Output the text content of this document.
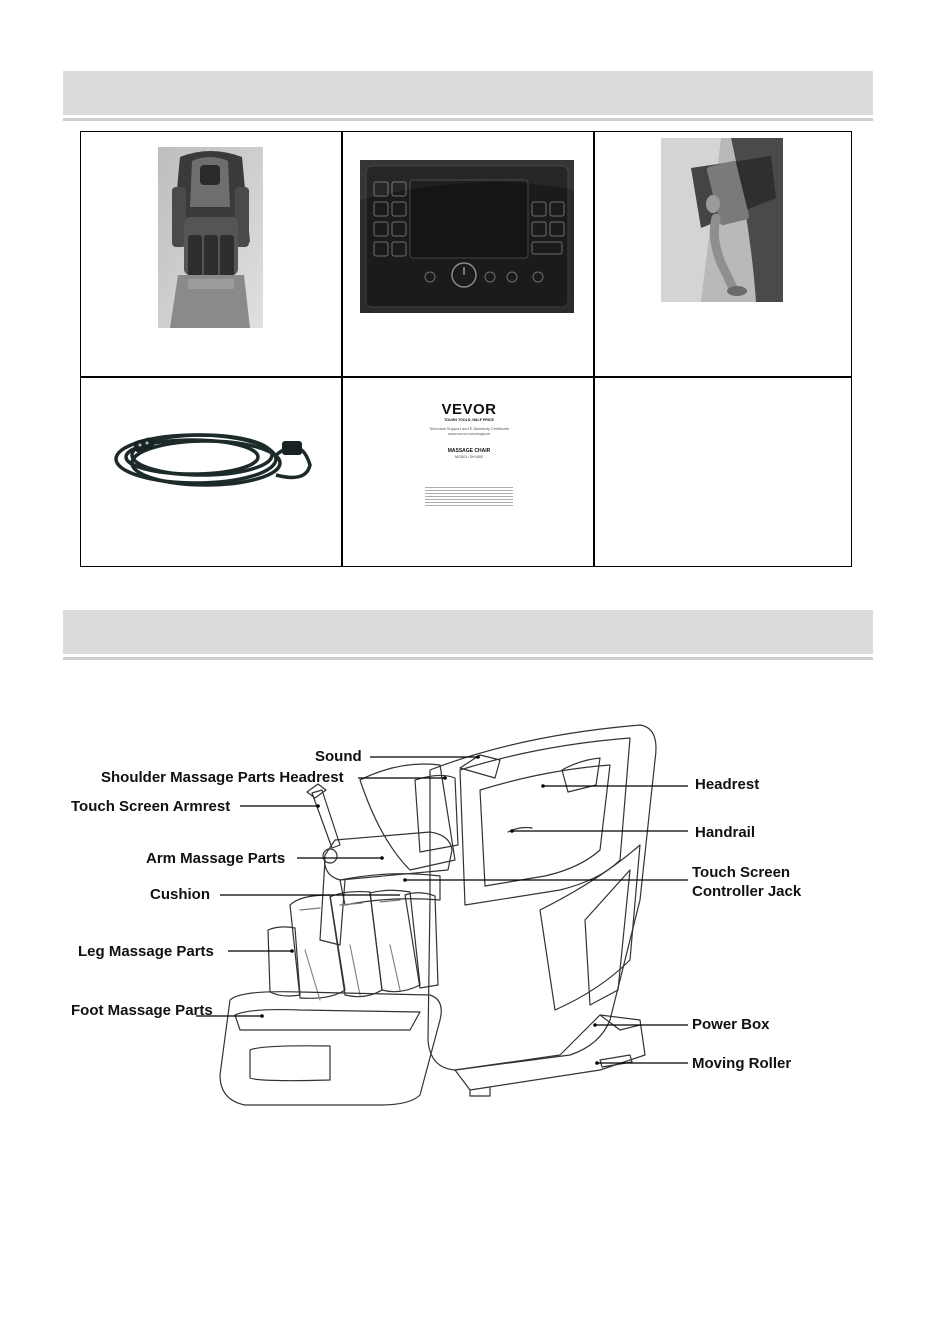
VEVOR
TOUGH TOOLS, HALF PRICE
Technical Support and E-Warranty Certificate
www.vevor.com/support
MASSAGE CHAIR
MODEL: DH1800
Sound
Shoulder Massage Parts Headrest
Touch Screen Armrest
Arm Massage Parts
Cushion
Leg Massage Parts
Foot Massage Parts
Headrest
Handrail
Touch Screen Controller Jack
Power Box
Moving Roller
